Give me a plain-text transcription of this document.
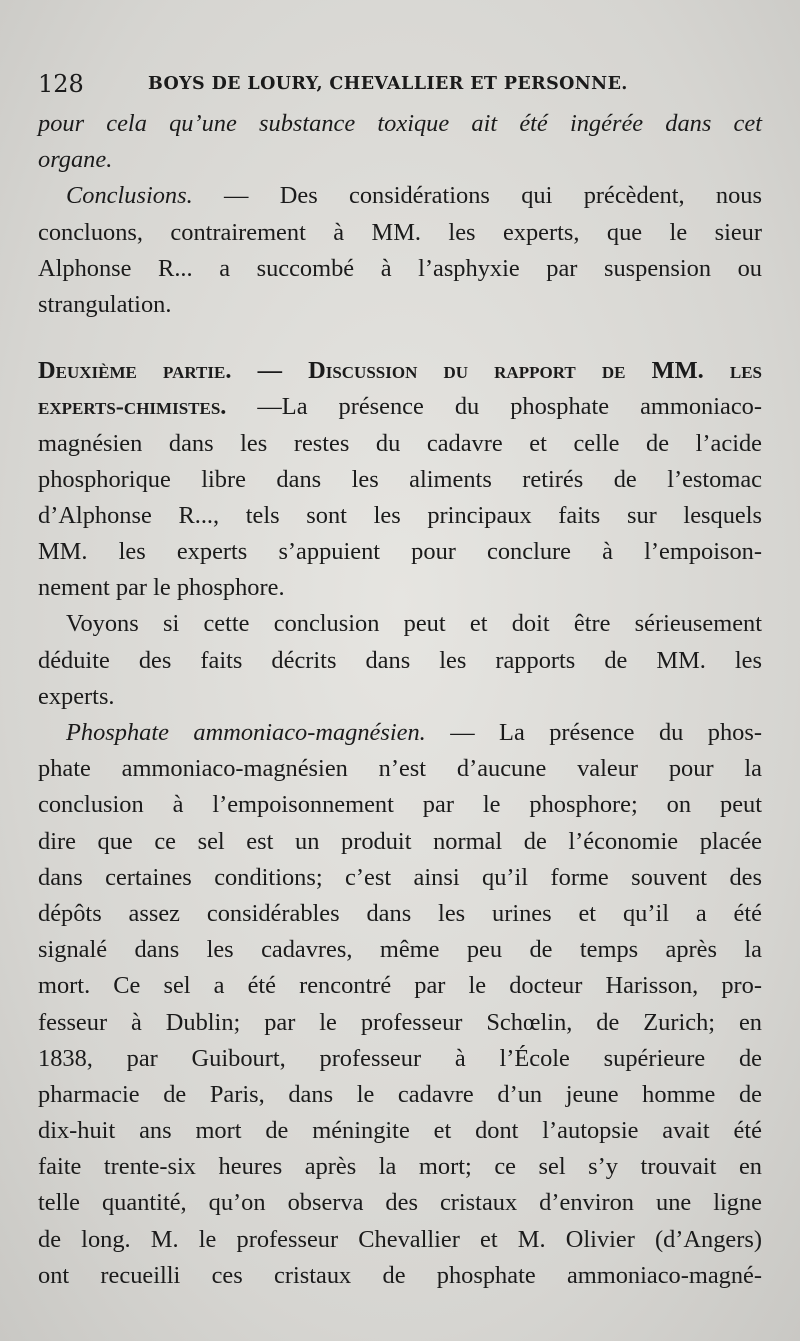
128	BOYS DE LOURY, CHEVALLIER ET PERSONNE.
pour cela qu’une substance toxique ait été ingérée dans cet
organe.
Conclusions. — Des considérations qui précèdent, nous
concluons, contrairement à MM. les experts, que le sieur
Alphonse R... a succombé à l’asphyxie par suspension ou
strangulation.
Deuxième partie. — Discussion du rapport de MM. les
experts-chimistes. —La présence du phosphate ammoniaco-
magnésien dans les restes du cadavre et celle de l’acide
phosphorique libre dans les aliments retirés de l’estomac
d’Alphonse R..., tels sont les principaux faits sur lesquels
MM. les experts s’appuient pour conclure à l’empoison-
nement par le phosphore.
Voyons si cette conclusion peut et doit être sérieusement
déduite des faits décrits dans les rapports de MM. les
experts.
Phosphate ammoniaco-magnésien. — La présence du phos-
phate ammoniaco-magnésien n’est d’aucune valeur pour la
conclusion à l’empoisonnement par le phosphore; on peut
dire que ce sel est un produit normal de l’économie placée
dans certaines conditions; c’est ainsi qu’il forme souvent des
dépôts assez considérables dans les urines et qu’il a été
signalé dans les cadavres, même peu de temps après la
mort. Ce sel a été rencontré par le docteur Harisson, pro-
fesseur à Dublin; par le professeur Schœlin, de Zurich; en
1838, par Guibourt, professeur à l’École supérieure de
pharmacie de Paris, dans le cadavre d’un jeune homme de
dix-huit ans mort de méningite et dont l’autopsie avait été
faite trente-six heures après la mort; ce sel s’y trouvait en
telle quantité, qu’on observa des cristaux d’environ une ligne
de long. M. le professeur Chevallier et M. Olivier (d’Angers)
ont recueilli ces cristaux de phosphate ammoniaco-magné-
